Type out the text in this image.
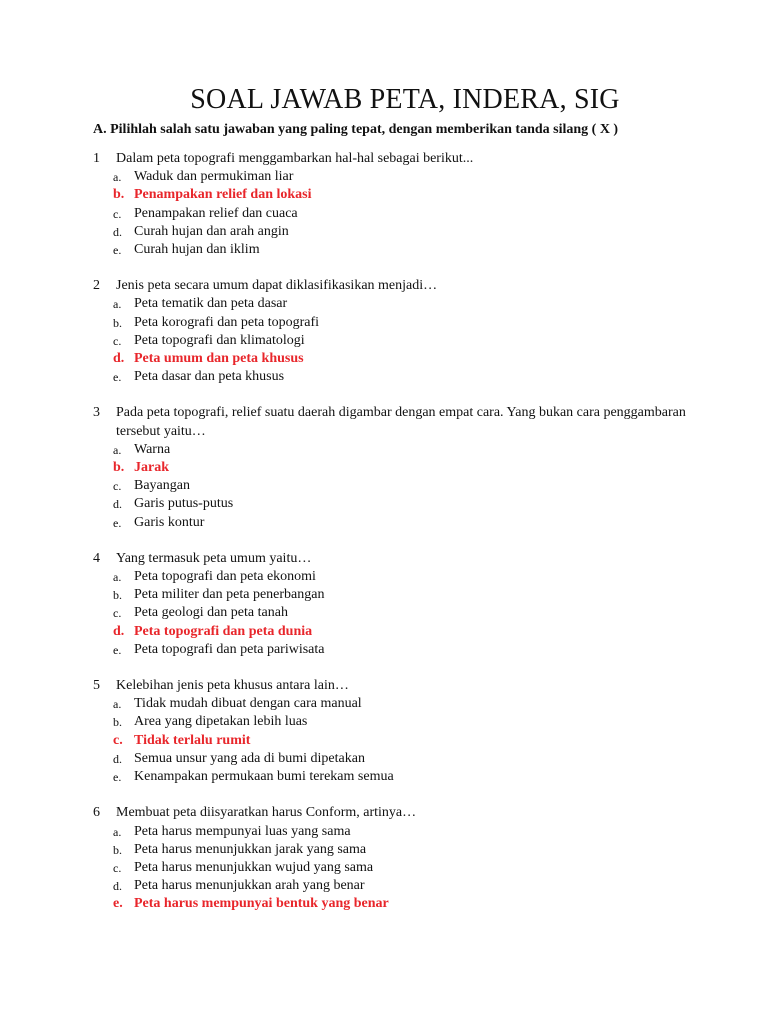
SOAL JAWAB PETA, INDERA, SIG

A. Pilihlah salah satu jawaban yang paling tepat, dengan memberikan tanda silang ( X )

1	Dalam peta topografi menggambarkan hal-hal sebagai berikut...
a. Waduk dan permukiman liar
b. Penampakan relief dan lokasi
c. Penampakan relief dan cuaca
d. Curah hujan dan arah angin
e. Curah hujan dan iklim
2	Jenis peta secara umum dapat diklasifikasikan menjadi…
a. Peta tematik dan peta dasar
b. Peta korografi dan peta topografi
c. Peta topografi dan klimatologi
d. Peta umum dan peta khusus
e. Peta dasar dan peta khusus
3	Pada peta topografi, relief suatu daerah digambar dengan empat cara. Yang bukan cara penggambaran tersebut yaitu…
a. Warna
b. Jarak
c. Bayangan
d. Garis putus-putus
e. Garis kontur
4	Yang termasuk peta umum yaitu…
a. Peta topografi dan peta ekonomi
b. Peta militer dan peta penerbangan
c. Peta geologi dan peta tanah
d. Peta topografi dan peta dunia
e. Peta topografi dan peta pariwisata
5	Kelebihan jenis peta khusus antara lain…
a. Tidak mudah dibuat dengan cara manual
b. Area yang dipetakan lebih luas
c. Tidak terlalu rumit
d. Semua unsur yang ada di bumi dipetakan
e. Kenampakan permukaan bumi terekam semua
6	Membuat peta diisyaratkan harus Conform, artinya…
a. Peta harus mempunyai luas yang sama
b. Peta harus menunjukkan jarak yang sama
c. Peta harus menunjukkan wujud yang sama
d. Peta harus menunjukkan arah yang benar
e. Peta harus mempunyai bentuk yang benar
